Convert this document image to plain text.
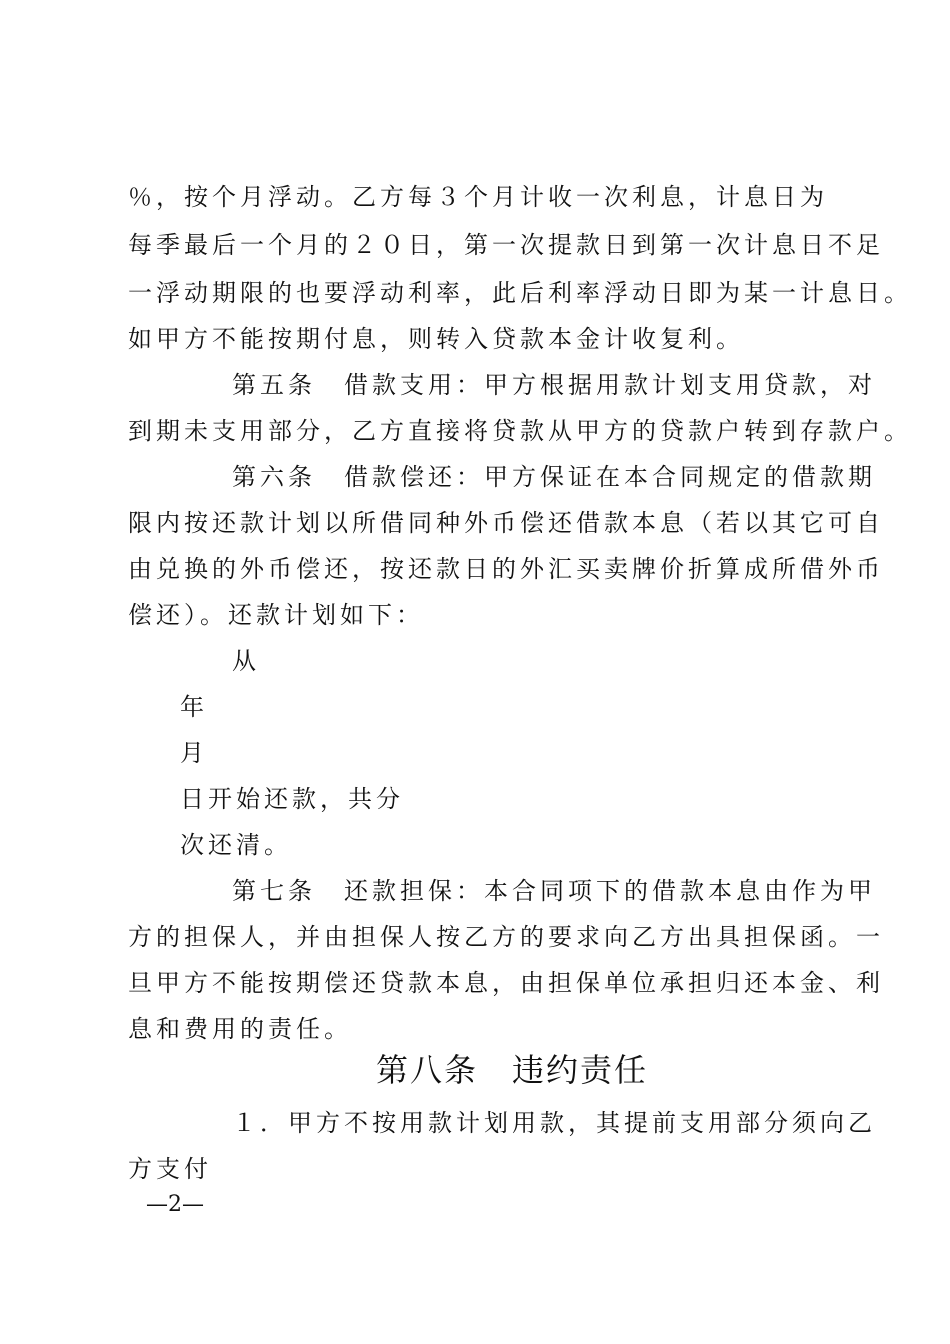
％，按个月浮动。乙方每３个月计收一次利息，计息日为
每季最后一个月的２０日，第一次提款日到第一次计息日不足
一浮动期限的也要浮动利率，此后利率浮动日即为某一计息日。
如甲方不能按期付息，则转入贷款本金计收复利。
第五条　借款支用：甲方根据用款计划支用贷款，对
到期未支用部分，乙方直接将贷款从甲方的贷款户转到存款户。
第六条　借款偿还：甲方保证在本合同规定的借款期
限内按还款计划以所借同种外币偿还借款本息（若以其它可自
由兑换的外币偿还，按还款日的外汇买卖牌价折算成所借外币
偿还）。还款计划如下：
从
年
月
日开始还款，共分
次还清。
第七条　还款担保：本合同项下的借款本息由作为甲
方的担保人，并由担保人按乙方的要求向乙方出具担保函。一
旦甲方不能按期偿还贷款本息，由担保单位承担归还本金、利
息和费用的责任。
第八条　违约责任
１．甲方不按用款计划用款，其提前支用部分须向乙
方支付
—2—
